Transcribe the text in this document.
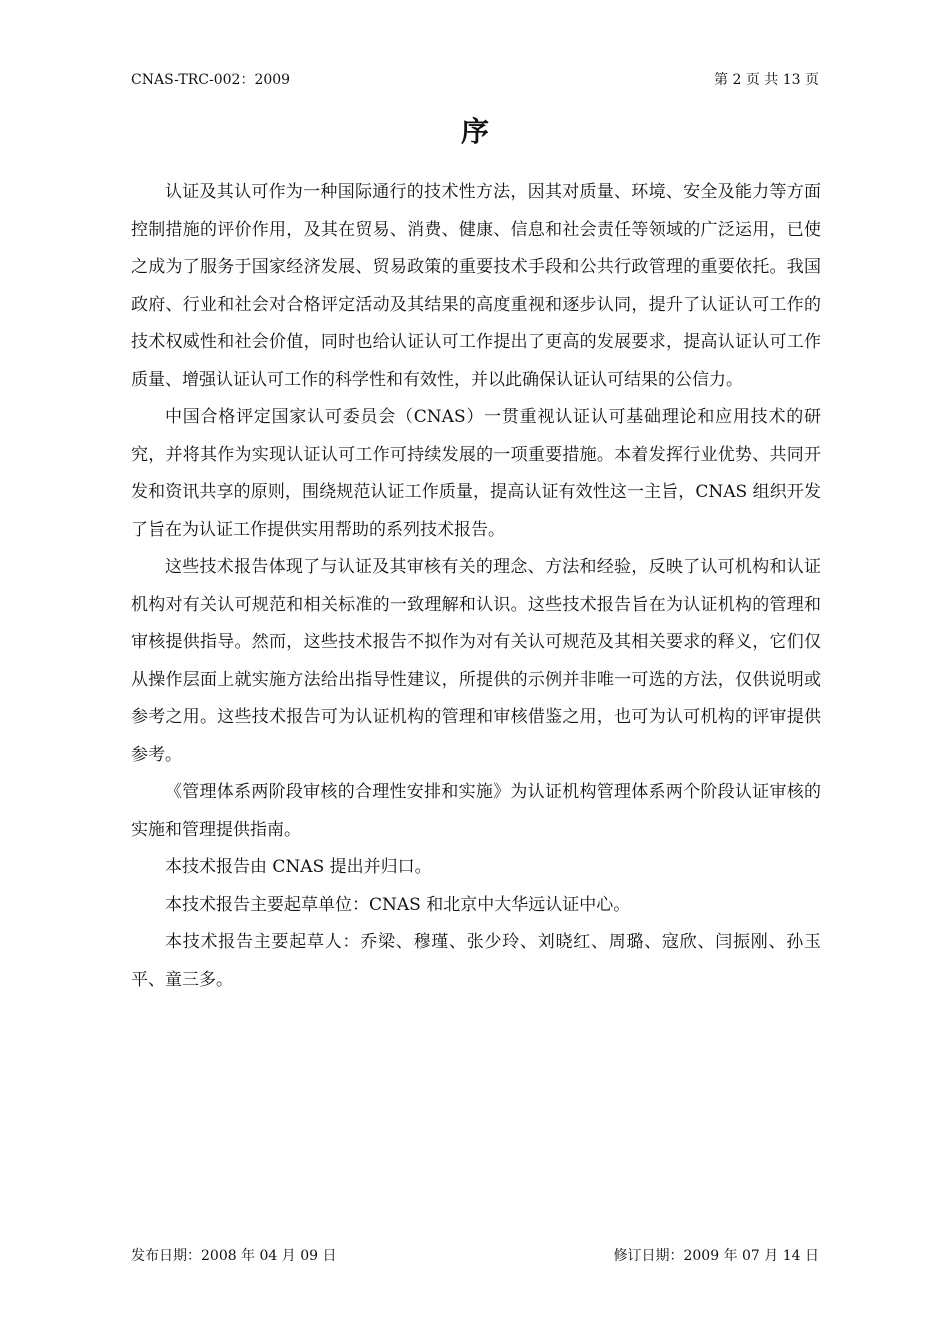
CNAS-TRC-002：2009	第 2 页 共 13 页
序

认证及其认可作为一种国际通行的技术性方法，因其对质量、环境、安全及能力等方面控制措施的评价作用，及其在贸易、消费、健康、信息和社会责任等领域的广泛运用，已使之成为了服务于国家经济发展、贸易政策的重要技术手段和公共行政管理的重要依托。我国政府、行业和社会对合格评定活动及其结果的高度重视和逐步认同，提升了认证认可工作的技术权威性和社会价值，同时也给认证认可工作提出了更高的发展要求，提高认证认可工作质量、增强认证认可工作的科学性和有效性，并以此确保认证认可结果的公信力。

中国合格评定国家认可委员会（CNAS）一贯重视认证认可基础理论和应用技术的研究，并将其作为实现认证认可工作可持续发展的一项重要措施。本着发挥行业优势、共同开发和资讯共享的原则，围绕规范认证工作质量，提高认证有效性这一主旨，CNAS 组织开发了旨在为认证工作提供实用帮助的系列技术报告。

这些技术报告体现了与认证及其审核有关的理念、方法和经验，反映了认可机构和认证机构对有关认可规范和相关标准的一致理解和认识。这些技术报告旨在为认证机构的管理和审核提供指导。然而，这些技术报告不拟作为对有关认可规范及其相关要求的释义，它们仅从操作层面上就实施方法给出指导性建议，所提供的示例并非唯一可选的方法，仅供说明或参考之用。这些技术报告可为认证机构的管理和审核借鉴之用，也可为认可机构的评审提供参考。

《管理体系两阶段审核的合理性安排和实施》为认证机构管理体系两个阶段认证审核的实施和管理提供指南。

本技术报告由 CNAS 提出并归口。

本技术报告主要起草单位：CNAS 和北京中大华远认证中心。

本技术报告主要起草人：乔梁、穆瑾、张少玲、刘晓红、周璐、寇欣、闫振刚、孙玉平、童三多。

发布日期：2008 年 04 月 09 日	修订日期：2009 年 07 月 14 日
